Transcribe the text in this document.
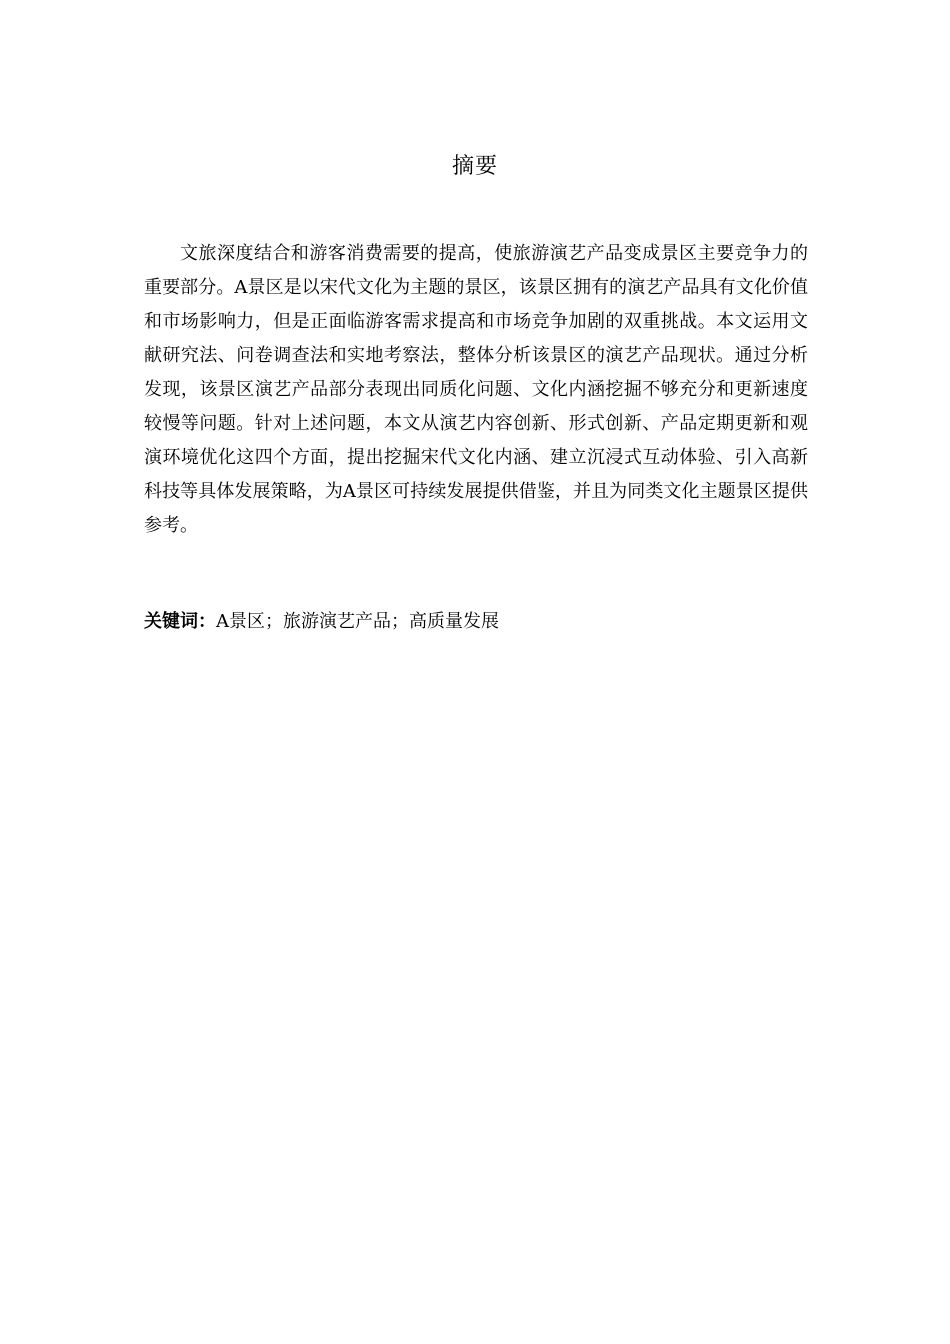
摘要

文旅深度结合和游客消费需要的提高，使旅游演艺产品变成景区主要竞争力的重要部分。A景区是以宋代文化为主题的景区，该景区拥有的演艺产品具有文化价值和市场影响力，但是正面临游客需求提高和市场竞争加剧的双重挑战。本文运用文献研究法、问卷调查法和实地考察法，整体分析该景区的演艺产品现状。通过分析发现，该景区演艺产品部分表现出同质化问题、文化内涵挖掘不够充分和更新速度较慢等问题。针对上述问题，本文从演艺内容创新、形式创新、产品定期更新和观演环境优化这四个方面，提出挖掘宋代文化内涵、建立沉浸式互动体验、引入高新科技等具体发展策略，为A景区可持续发展提供借鉴，并且为同类文化主题景区提供参考。

关键词：A景区；旅游演艺产品；高质量发展
